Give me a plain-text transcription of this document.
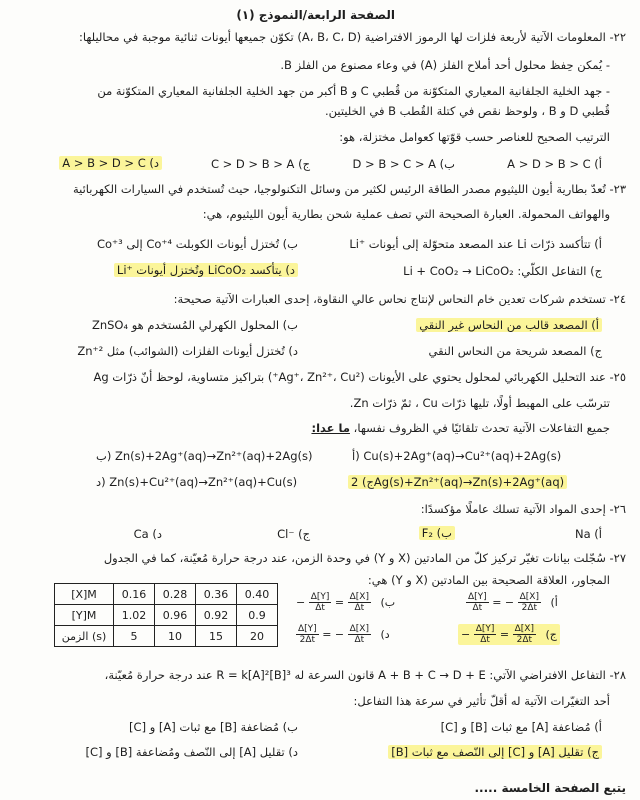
الصفحة الرابعة/النموذج (١)
٢٢- المعلومات الآتية لأربعة فلزات لها الرموز الافتراضية (A، B، C، D) تكوّن جميعها أيونات ثنائية موجبة في محاليلها:
- يُمكن حِفظ محلول أحد أملاح الفلز (A) في وعاء مصنوع من الفلز B.
- جهد الخلية الجلفانية المعياري المتكوّنة من قُطبي C و B أكبر من جهد الخلية الجلفانية المعياري المتكوّنة من
قُطبي D و B ، ولوحظ نقص في كتلة القُطب B في الخليتين.
الترتيب الصحيح للعناصر حسب قوّتها كعوامل مختزلة، هو:
أ) A > D > B > C
ب) D > B > C > A
ج) C > D > B > A
د) A > B > D > C
٢٣- تُعدّ بطارية أيون الليثيوم مصدر الطاقة الرئيس لكثير من وسائل التكنولوجيا، حيث تُستخدم في السيارات الكهربائية
والهواتف المحمولة. العبارة الصحيحة التي تصف عملية شحن بطارية أيون الليثيوم، هي:
أ) تتأكسد ذرّات Li عند المصعد متحوّلة إلى أيونات ⁺Li
ب) تُختزل أيونات الكوبلت ⁴⁺Co إلى ³⁺Co
ج) التفاعل الكلّي: Li + CoO₂ → LiCoO₂
د) يتأكسد LiCoO₂ وتُختزل أيونات ⁺Li
٢٤- تستخدم شركات تعدين خام النحاس لإنتاج نحاس عالي النقاوة، إحدى العبارات الآتية صحيحة:
أ) المصعد قالب من النحاس غير النقي
ب) المحلول الكهرلي المُستخدم هو ZnSO₄
ج) المصعد شريحة من النحاس النقي
د) تُختزل أيونات الفلزات (الشوائب) مثل ²⁺Zn
٢٥- عند التحليل الكهربائي لمحلول يحتوي على الأيونات (Ag⁺، Zn²⁺، Cu²⁺) بتراكيز متساوية، لوحظ أنّ ذرّات Ag
تترسّب على المهبط أولًا، تليها ذرّات Cu ، ثمّ ذرّات Zn.
جميع التفاعلات الآتية تحدث تلقائيًا في الظروف نفسها، ما عدا:
أ) Cu(s)+2Ag⁺(aq)→Cu²⁺(aq)+2Ag(s)
ب) Zn(s)+2Ag⁺(aq)→Zn²⁺(aq)+2Ag(s)
ج) 2Ag(s)+Zn²⁺(aq)→Zn(s)+2Ag⁺(aq)
د) Zn(s)+Cu²⁺(aq)→Zn²⁺(aq)+Cu(s)
٢٦- إحدى المواد الآتية تسلك عاملًا مؤكسدًا:
أ) Na
ب) F₂
ج) ⁻Cl
د) Ca
٢٧- سُجّلت بيانات تغيّر تركيز كلّ من المادتين (X و Y) في وحدة الزمن، عند درجة حرارة مُعيّنة، كما في الجدول
المجاور، العلاقة الصحيحة بين المادتين (X و Y) هي:
[X]M	0.16	0.28	0.36	0.40
[Y]M	1.02	0.96	0.92	0.9
الزمن (s)	5	10	15	20
$\frac{\Delta[Y]}{\Delta t}$ = − $\frac{\Delta[X]}{2\Delta t}$ أ)
− $\frac{\Delta[Y]}{\Delta t} = \frac{\Delta[X]}{\Delta t}$ ب)
− $\frac{\Delta[Y]}{\Delta t} = \frac{\Delta[X]}{2\Delta t}$ ج)
$\frac{\Delta[Y]}{2\Delta t}$ = − $\frac{\Delta[X]}{\Delta t}$ د)
٢٨- التفاعل الافتراضي الآتي: A + B + C → D + E قانون السرعة له R = k[A]²[B]³ عند درجة حرارة مُعيّنة،
أحد التغيّرات الآتية له أقلّ تأثير في سرعة هذا التفاعل:
أ) مُضاعفة [A] مع ثبات [B] و [C]
ب) مُضاعفة [B] مع ثبات [A] و [C]
ج) تقليل [A] و [C] إلى النّصف مع ثبات [B]
د) تقليل [A] إلى النّصف ومُضاعفة [B] و [C]
يتبع الصفحة الخامسة .....
